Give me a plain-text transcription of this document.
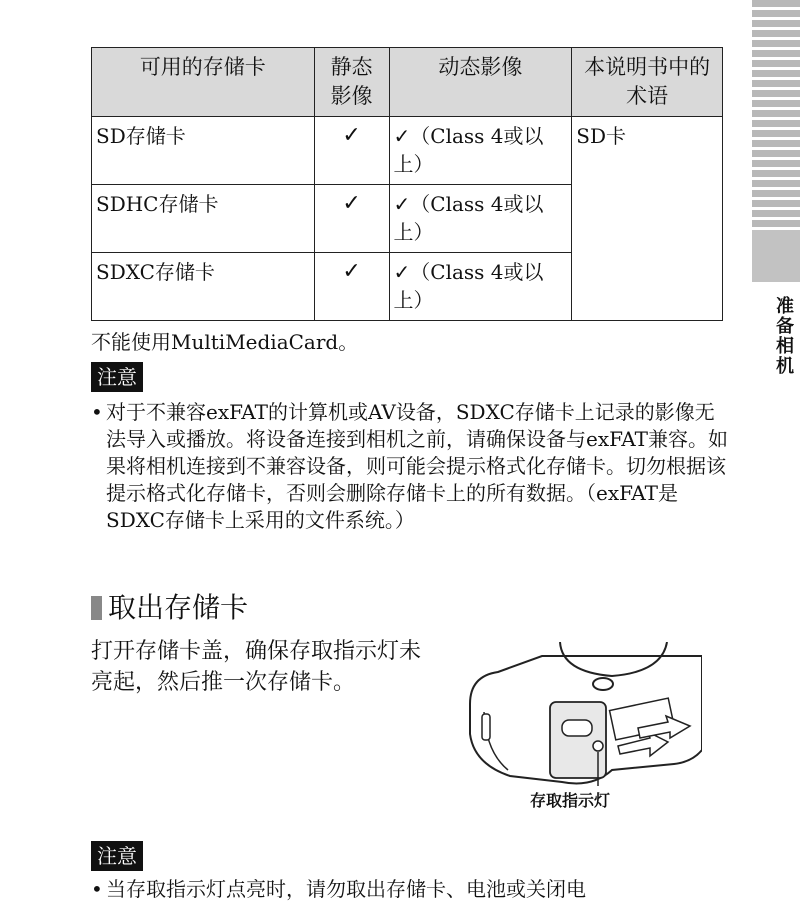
准备相机
可用的存储卡	静态影像	动态影像	本说明书中的术语
SD存储卡	✓	✓（Class 4或以上）	SD卡
SDHC存储卡	✓	✓（Class 4或以上）	
SDXC存储卡	✓	✓（Class 4或以上）	
不能使用MultiMediaCard。
注意
• 对于不兼容exFAT的计算机或AV设备，SDXC存储卡上记录的影像无法导入或播放。将设备连接到相机之前，请确保设备与exFAT兼容。如果将相机连接到不兼容设备，则可能会提示格式化存储卡。切勿根据该提示格式化存储卡，否则会删除存储卡上的所有数据。（exFAT是SDXC存储卡上采用的文件系统。）
取出存储卡
打开存储卡盖，确保存取指示灯未亮起，然后推一次存储卡。
存取指示灯
注意
• 当存取指示灯点亮时，请勿取出存储卡、电池或关闭电
